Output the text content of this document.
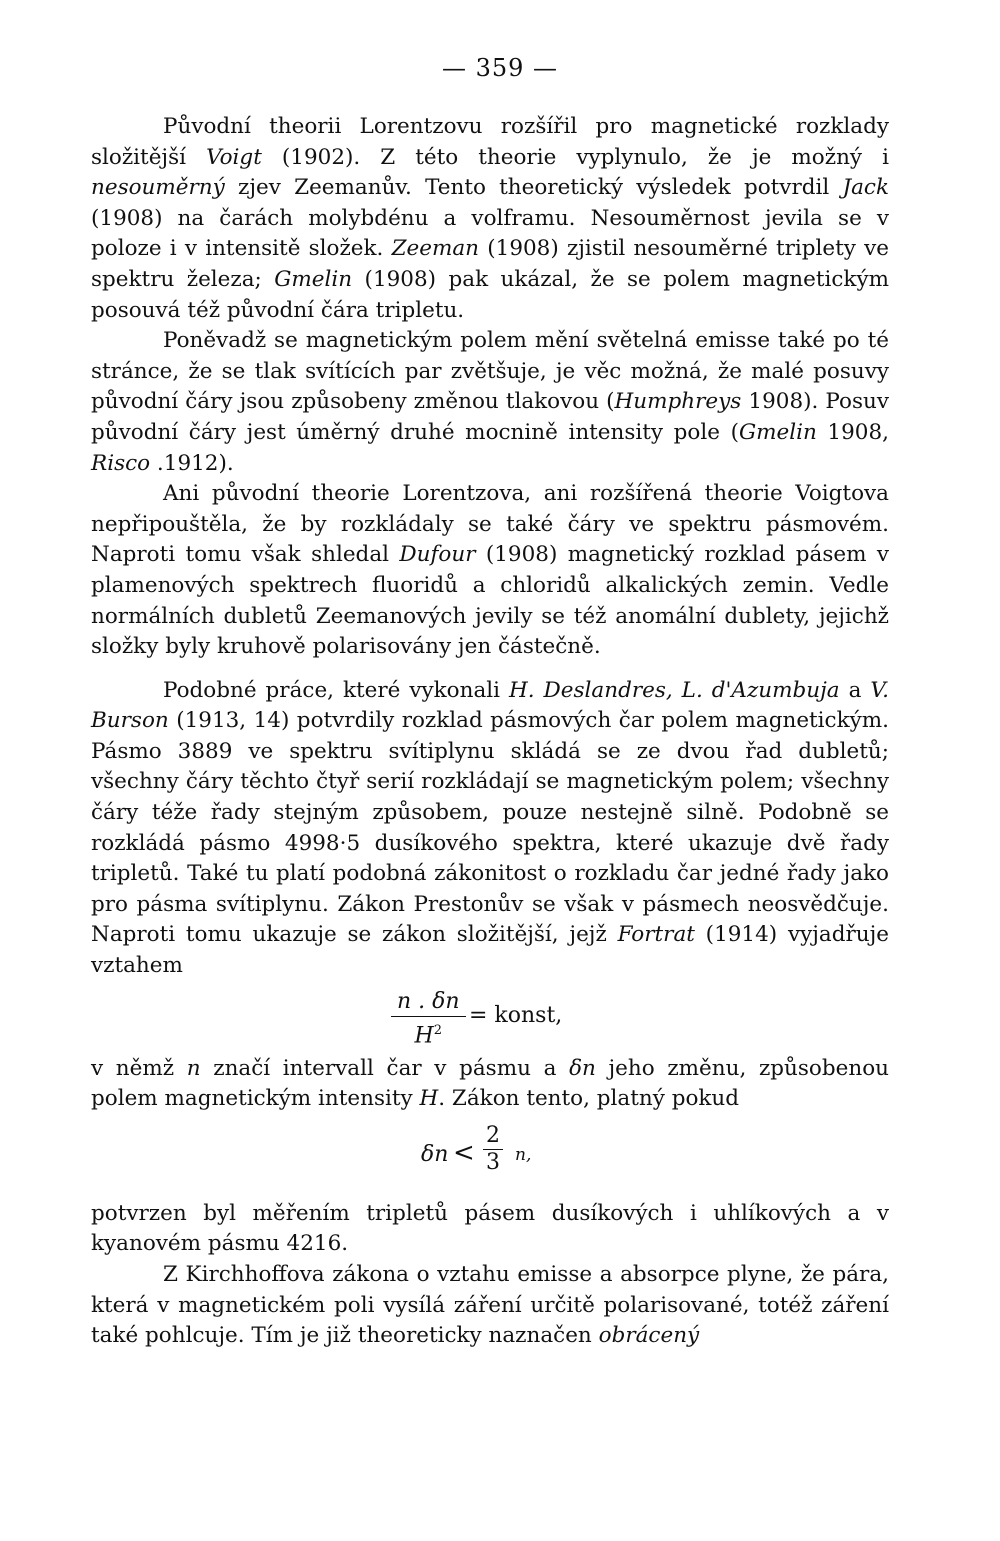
— 359 —

Původní theorii Lorentzovu rozšířil pro magnetické rozklady složitější Voigt (1902). Z této theorie vyplynulo, že je možný i nesouměrný zjev Zeemanův. Tento theoretický výsledek potvrdil Jack (1908) na čarách molybdénu a volframu. Nesouměrnost jevila se v poloze i v intensitě složek. Zeeman (1908) zjistil nesouměrné triplety ve spektru železa; Gmelin (1908) pak ukázal, že se polem magnetickým posouvá též původní čára tripletu.

Poněvadž se magnetickým polem mění světelná emisse také po té stránce, že se tlak svítících par zvětšuje, je věc možná, že malé posuvy původní čáry jsou způsobeny změnou tlakovou (Humphreys 1908). Posuv původní čáry jest úměrný druhé mocnině intensity pole (Gmelin 1908, Risco .1912).

Ani původní theorie Lorentzova, ani rozšířená theorie Voigtova nepřipouštěla, že by rozkládaly se také čáry ve spektru pásmovém. Naproti tomu však shledal Dufour (1908) magnetický rozklad pásem v plamenových spektrech fluoridů a chloridů alkalických zemin. Vedle normálních dubletů Zeemanových jevily se též anomální dublety, jejichž složky byly kruhově polarisovány jen částečně.

Podobné práce, které vykonali H. Deslandres, L. d'Azumbuja a V. Burson (1913, 14) potvrdily rozklad pásmových čar polem magnetickým. Pásmo 3889 ve spektru svítiplynu skládá se ze dvou řad dubletů; všechny čáry těchto čtyř serií rozkládají se magnetickým polem; všechny čáry téže řady stejným způsobem, pouze nestejně silně. Podobně se rozkládá pásmo 4998·5 dusíkového spektra, které ukazuje dvě řady tripletů. Také tu platí podobná zákonitost o rozkladu čar jedné řady jako pro pásma svítiplynu. Zákon Prestonův se však v pásmech neosvědčuje. Naproti tomu ukazuje se zákon složitější, jejž Fortrat (1914) vyjadřuje vztahem

$\frac{n . \delta n}{H^2}$ = konst,

v němž n značí intervall čar v pásmu a δn jeho změnu, způsobenou polem magnetickým intensity H. Zákon tento, platný pokud

$\delta n < \frac{2}{3} n$,

potvrzen byl měřením tripletů pásem dusíkových i uhlíkových a v kyanovém pásmu 4216.

Z Kirchhoffova zákona o vztahu emisse a absorpce plyne, že pára, která v magnetickém poli vysílá záření určitě polarisované, totéž záření také pohlcuje. Tím je již theoreticky naznačen obrácený
